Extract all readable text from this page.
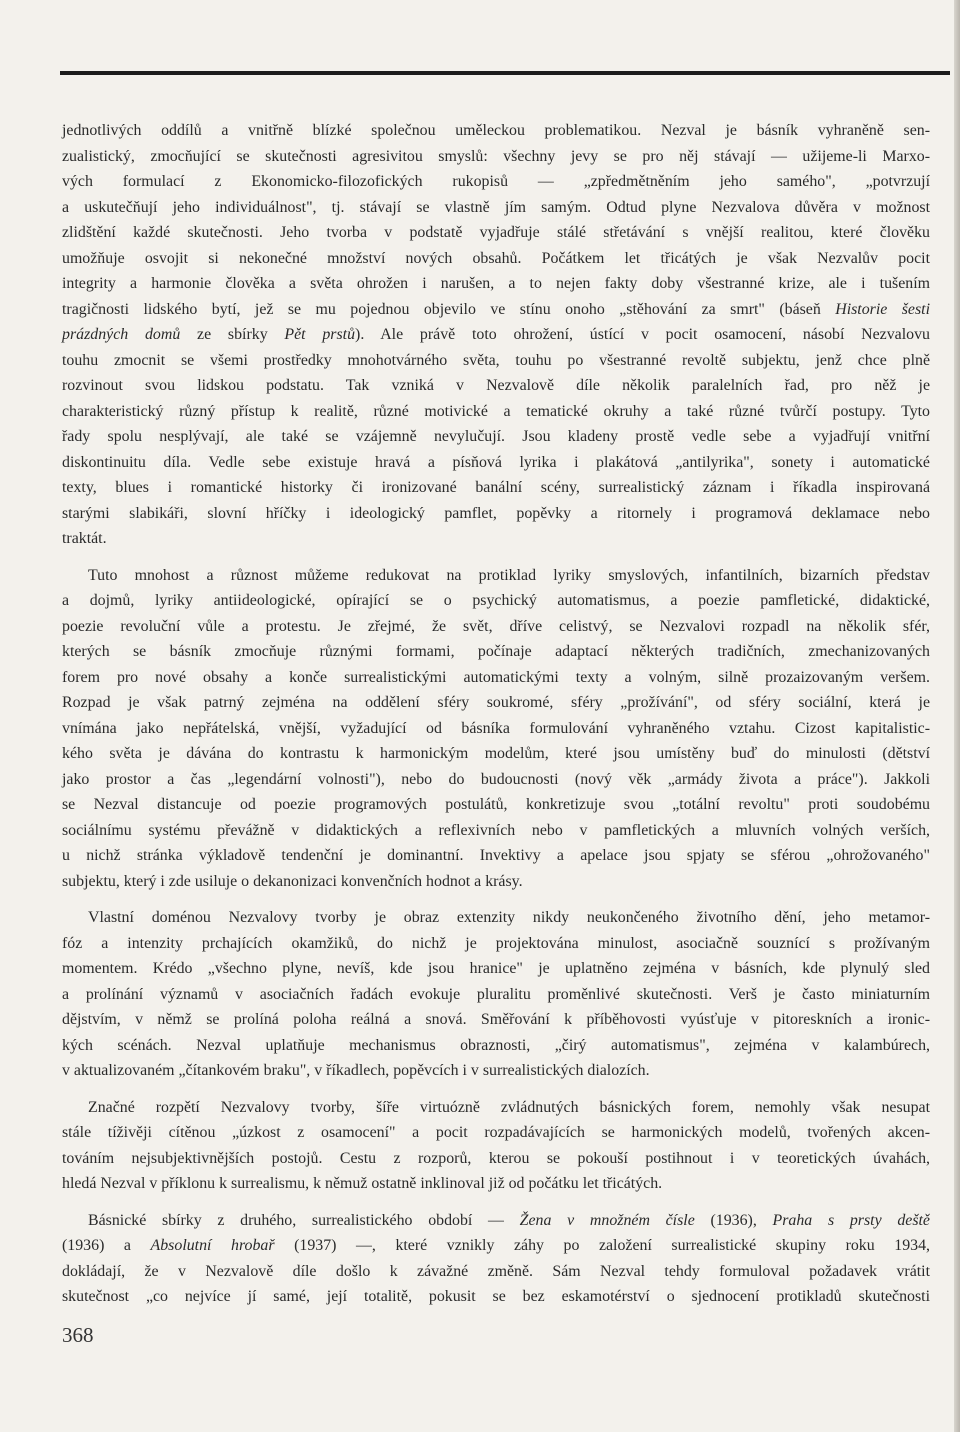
jednotlivých oddílů a vnitřně blízké společnou uměleckou problematikou. Nezval je básník vyhraněně sen-
zualistický, zmocňující se skutečnosti agresivitou smyslů: všechny jevy se pro něj stávají — užijeme-li Marxo-
vých formulací z Ekonomicko-filozofických rukopisů — „zpředmětněním jeho samého", „potvrzují
a uskutečňují jeho individuálnost", tj. stávají se vlastně jím samým. Odtud plyne Nezvalova důvěra v možnost
zlidštění každé skutečnosti. Jeho tvorba v podstatě vyjadřuje stálé střetávání s vnější realitou, které člověku
umožňuje osvojit si nekonečné množství nových obsahů. Počátkem let třicátých je však Nezvalův pocit
integrity a harmonie člověka a světa ohrožen i narušen, a to nejen fakty doby všestranné krize, ale i tušením
tragičnosti lidského bytí, jež se mu pojednou objevilo ve stínu onoho „stěhování za smrt" (báseň Historie šesti
prázdných domů ze sbírky Pět prstů). Ale právě toto ohrožení, ústící v pocit osamocení, násobí Nezvalovu
touhu zmocnit se všemi prostředky mnohotvárného světa, touhu po všestranné revoltě subjektu, jenž chce plně
rozvinout svou lidskou podstatu. Tak vzniká v Nezvalově díle několik paralelních řad, pro něž je
charakteristický různý přístup k realitě, různé motivické a tematické okruhy a také různé tvůrčí postupy. Tyto
řady spolu nesplývají, ale také se vzájemně nevylučují. Jsou kladeny prostě vedle sebe a vyjadřují vnitřní
diskontinuitu díla. Vedle sebe existuje hravá a písňová lyrika i plakátová „antilyrika", sonety i automatické
texty, blues i romantické historky či ironizované banální scény, surrealistický záznam i říkadla inspirovaná
starými slabikáři, slovní hříčky i ideologický pamflet, popěvky a ritornely i programová deklamace nebo
traktát.
Tuto mnohost a různost můžeme redukovat na protiklad lyriky smyslových, infantilních, bizarních představ
a dojmů, lyriky antiideologické, opírající se o psychický automatismus, a poezie pamfletické, didaktické,
poezie revoluční vůle a protestu. Je zřejmé, že svět, dříve celistvý, se Nezvalovi rozpadl na několik sfér,
kterých se básník zmocňuje různými formami, počínaje adaptací některých tradičních, zmechanizovaných
forem pro nové obsahy a konče surrealistickými automatickými texty a volným, silně prozaizovaným veršem.
Rozpad je však patrný zejména na oddělení sféry soukromé, sféry „prožívání", od sféry sociální, která je
vnímána jako nepřátelská, vnější, vyžadující od básníka formulování vyhraněného vztahu. Cizost kapitalistic-
kého světa je dávána do kontrastu k harmonickým modelům, které jsou umístěny buď do minulosti (dětství
jako prostor a čas „legendární volnosti"), nebo do budoucnosti (nový věk „armády života a práce"). Jakkoli
se Nezval distancuje od poezie programových postulátů, konkretizuje svou „totální revoltu" proti soudobému
sociálnímu systému převážně v didaktických a reflexivních nebo v pamfletických a mluvních volných verších,
u nichž stránka výkladově tendenční je dominantní. Invektivy a apelace jsou spjaty se sférou „ohrožovaného"
subjektu, který i zde usiluje o dekanonizaci konvenčních hodnot a krásy.
Vlastní doménou Nezvalovy tvorby je obraz extenzity nikdy neukončeného životního dění, jeho metamor-
fóz a intenzity prchajících okamžiků, do nichž je projektována minulost, asociačně souznící s prožívaným
momentem. Krédo „všechno plyne, nevíš, kde jsou hranice" je uplatněno zejména v básních, kde plynulý sled
a prolínání významů v asociačních řadách evokuje pluralitu proměnlivé skutečnosti. Verš je často miniaturním
dějstvím, v němž se prolíná poloha reálná a snová. Směřování k příběhovosti vyúsťuje v pitoreskních a ironic-
kých scénách. Nezval uplatňuje mechanismus obraznosti, „čirý automatismus", zejména v kalambúrech,
v aktualizovaném „čítankovém braku", v říkadlech, popěvcích i v surrealistických dialozích.
Značné rozpětí Nezvalovy tvorby, šíře virtuózně zvládnutých básnických forem, nemohly však nesupat
stále tíživěji cítěnou „úzkost z osamocení" a pocit rozpadávajících se harmonických modelů, tvořených akcen-
továním nejsubjektivnějších postojů. Cestu z rozporů, kterou se pokouší postihnout i v teoretických úvahách,
hledá Nezval v příklonu k surrealismu, k němuž ostatně inklinoval již od počátku let třicátých.
Básnické sbírky z druhého, surrealistického období — Žena v množném čísle (1936), Praha s prsty deště
(1936) a Absolutní hrobař (1937) —, které vznikly záhy po založení surrealistické skupiny roku 1934,
dokládají, že v Nezvalově díle došlo k závažné změně. Sám Nezval tehdy formuloval požadavek vrátit
skutečnost „co nejvíce jí samé, její totalitě, pokusit se bez eskamotérství o sjednocení protikladů skutečnosti
368
